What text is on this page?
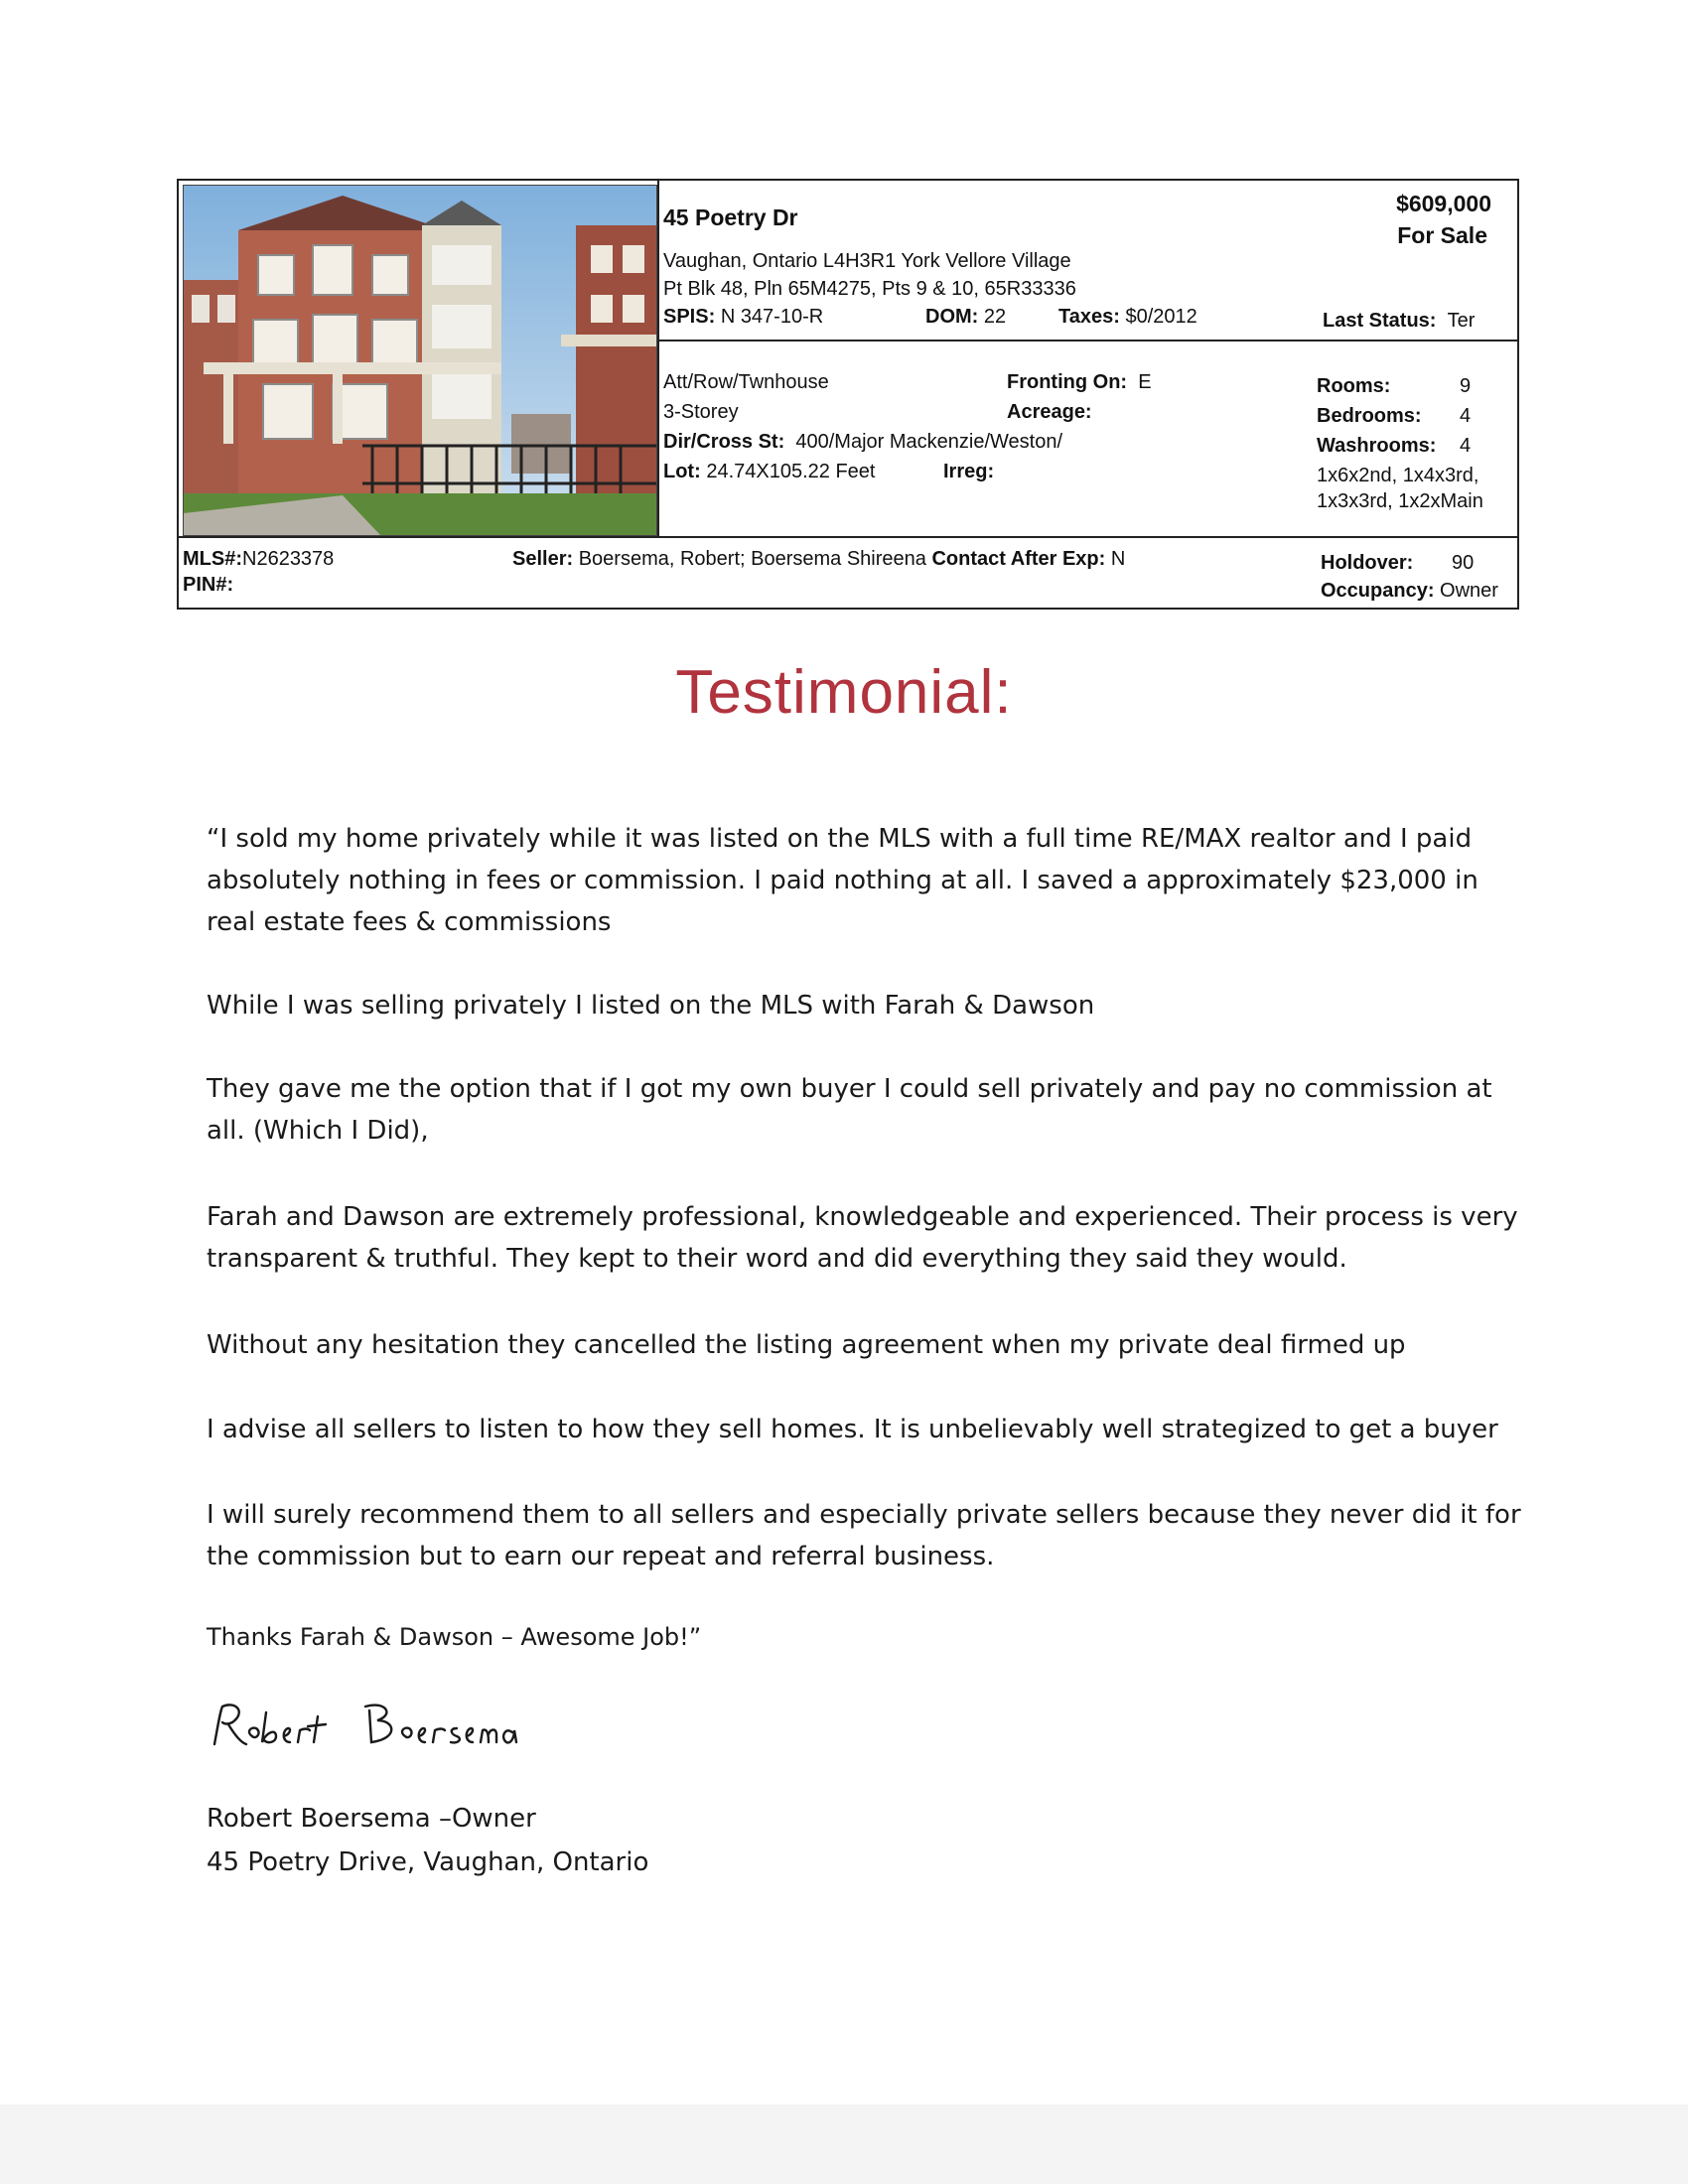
45 Poetry Dr
$609,000
For Sale
Vaughan, Ontario L4H3R1 York Vellore Village
Pt Blk 48, Pln 65M4275, Pts 9 & 10, 65R33336
SPIS: N 347-10-R	DOM: 22	Taxes: $0/2012	Last Status: Ter
Att/Row/Twnhouse
3-Storey
Fronting On: E
Acreage:
Dir/Cross St: 400/Major Mackenzie/Weston/
Lot: 24.74X105.22 Feet	Irreg:
Rooms:	9
Bedrooms: 4
Washrooms: 4
1x6x2nd, 1x4x3rd,
1x3x3rd, 1x2xMain
MLS#:N2623378
PIN#:
Seller: Boersema, Robert; Boersema Shireena Contact After Exp: N	Holdover: 90
Occupancy: Owner
Testimonial:

“I sold my home privately while it was listed on the MLS with a full time RE/MAX realtor and I paid absolutely nothing in fees or commission. I paid nothing at all. I saved a approximately $23,000 in real estate fees & commissions

While I was selling privately I listed on the MLS with Farah & Dawson

They gave me the option that if I got my own buyer I could sell privately and pay no commission at all. (Which I Did),

Farah and Dawson are extremely professional, knowledgeable and experienced. Their process is very transparent & truthful. They kept to their word and did everything they said they would.

Without any hesitation they cancelled the listing agreement when my private deal firmed up

I advise all sellers to listen to how they sell homes. It is unbelievably well strategized to get a buyer

I will surely recommend them to all sellers and especially private sellers because they never did it for the commission but to earn our repeat and referral business.

Thanks Farah & Dawson – Awesome Job!”

Robert Boersema –Owner
45 Poetry Drive, Vaughan, Ontario
